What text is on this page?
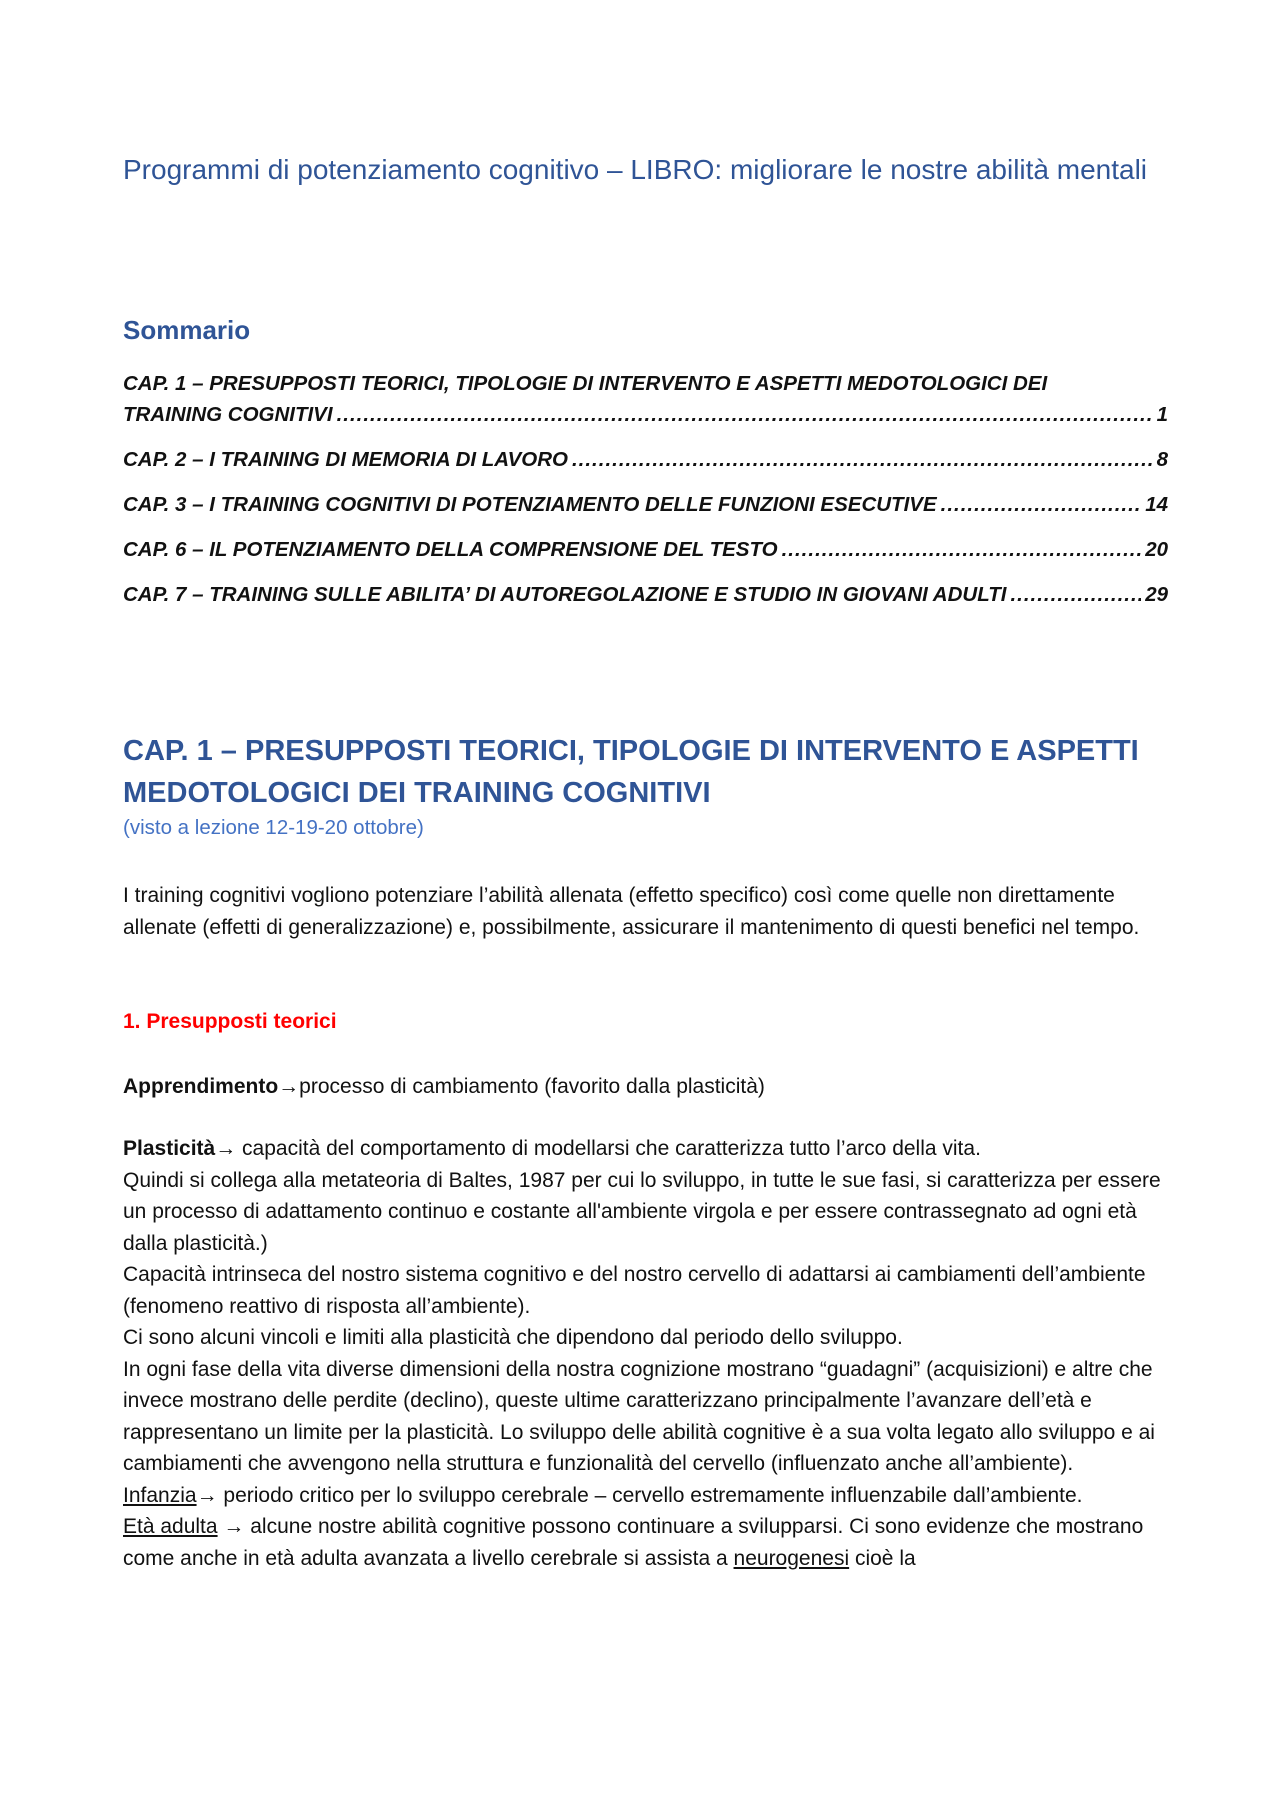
Programmi di potenziamento cognitivo – LIBRO: migliorare le nostre abilità mentali
Sommario
CAP. 1 – PRESUPPOSTI TEORICI, TIPOLOGIE DI INTERVENTO E ASPETTI MEDOTOLOGICI DEI
TRAINING COGNITIVI .....	1
CAP. 2 – I TRAINING DI MEMORIA DI LAVORO .....	8
CAP. 3 – I TRAINING COGNITIVI DI POTENZIAMENTO DELLE FUNZIONI ESECUTIVE .....	14
CAP. 6 – IL POTENZIAMENTO DELLA COMPRENSIONE DEL TESTO .....	20
CAP. 7 – TRAINING SULLE ABILITA’ DI AUTOREGOLAZIONE E STUDIO IN GIOVANI ADULTI .....	29
CAP. 1 – PRESUPPOSTI TEORICI, TIPOLOGIE DI INTERVENTO E ASPETTI MEDOTOLOGICI DEI TRAINING COGNITIVI
(visto a lezione 12-19-20 ottobre)

I training cognitivi vogliono potenziare l’abilità allenata (effetto specifico) così come quelle non direttamente allenate (effetti di generalizzazione) e, possibilmente, assicurare il mantenimento di questi benefici nel tempo.

1. Presupposti teorici

Apprendimento→processo di cambiamento (favorito dalla plasticità)

Plasticità→ capacità del comportamento di modellarsi che caratterizza tutto l’arco della vita.

Quindi si collega alla metateoria di Baltes, 1987 per cui lo sviluppo, in tutte le sue fasi, si caratterizza per essere un processo di adattamento continuo e costante all'ambiente virgola e per essere contrassegnato ad ogni età dalla plasticità.)

Capacità intrinseca del nostro sistema cognitivo e del nostro cervello di adattarsi ai cambiamenti dell’ambiente (fenomeno reattivo di risposta all’ambiente).

Ci sono alcuni vincoli e limiti alla plasticità che dipendono dal periodo dello sviluppo.

In ogni fase della vita diverse dimensioni della nostra cognizione mostrano “guadagni” (acquisizioni) e altre che invece mostrano delle perdite (declino), queste ultime caratterizzano principalmente l’avanzare dell’età e rappresentano un limite per la plasticità. Lo sviluppo delle abilità cognitive è a sua volta legato allo sviluppo e ai cambiamenti che avvengono nella struttura e funzionalità del cervello (influenzato anche all’ambiente).

Infanzia→ periodo critico per lo sviluppo cerebrale – cervello estremamente influenzabile dall’ambiente.

Età adulta → alcune nostre abilità cognitive possono continuare a svilupparsi. Ci sono evidenze che mostrano come anche in età adulta avanzata a livello cerebrale si assista a neurogenesi cioè la
